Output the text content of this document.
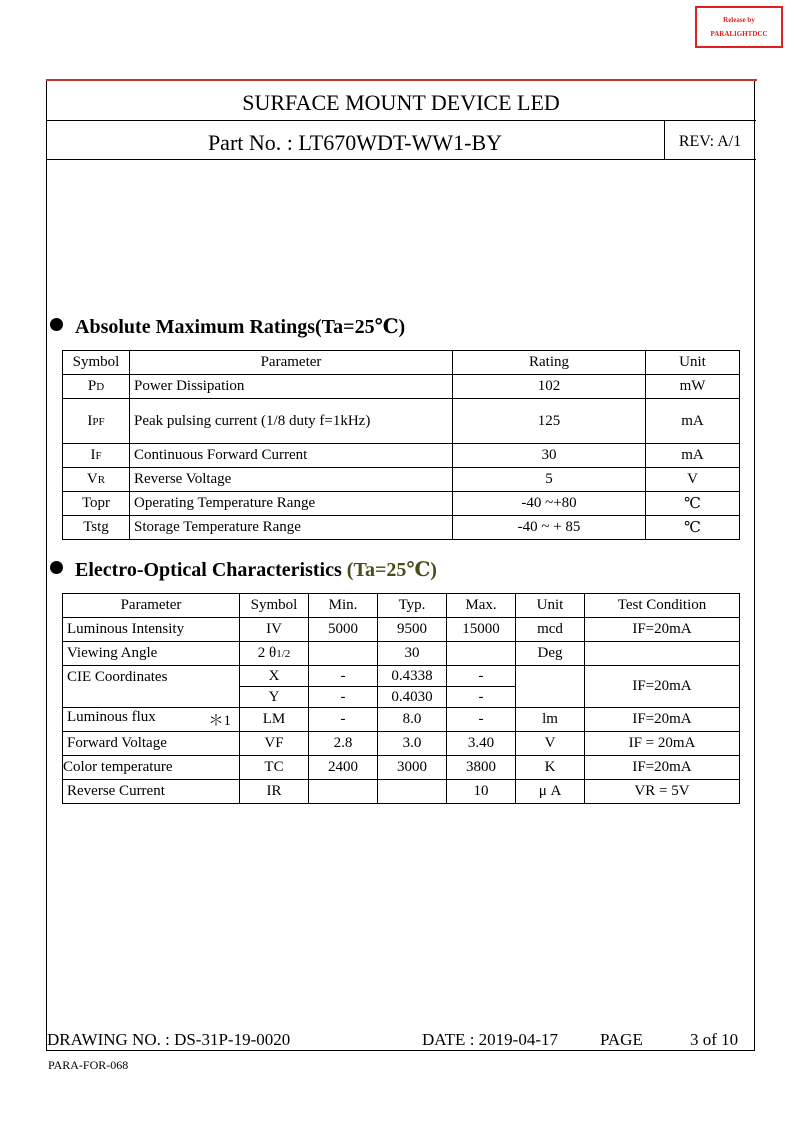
Release by
PARALIGHTDCC
SURFACE MOUNT DEVICE LED
Part No. : LT670WDT-WW1-BY	REV: A/1
Absolute Maximum Ratings(Ta=25℃)
Symbol	Parameter	Rating	Unit
PD	Power Dissipation	102	mW
IPF	Peak pulsing current (1/8 duty f=1kHz)	125	mA
IF	Continuous Forward Current	30	mA
VR	Reverse Voltage	5	V
Topr	Operating Temperature Range	-40 ~+80	℃
Tstg	Storage Temperature Range	-40 ~ + 85	℃
Electro-Optical Characteristics (Ta=25℃)
Parameter	Symbol	Min.	Typ.	Max.	Unit	Test Condition
Luminous Intensity	IV	5000	9500	15000	mcd	IF=20mA
Viewing Angle	2 θ1/2		30		Deg	
CIE Coordinates	X	-	0.4338	-		IF=20mA
	Y	-	0.4030	-		
Luminous flux ＊1	LM	-	8.0	-	lm	IF=20mA
Forward Voltage	VF	2.8	3.0	3.40	V	IF = 20mA
Color temperature	TC	2400	3000	3800	K	IF=20mA
Reverse Current	IR			10	μ A	VR = 5V
DRAWING NO. : DS-31P-19-0020	DATE : 2019-04-17 PAGE	3 of 10
PARA-FOR-068
